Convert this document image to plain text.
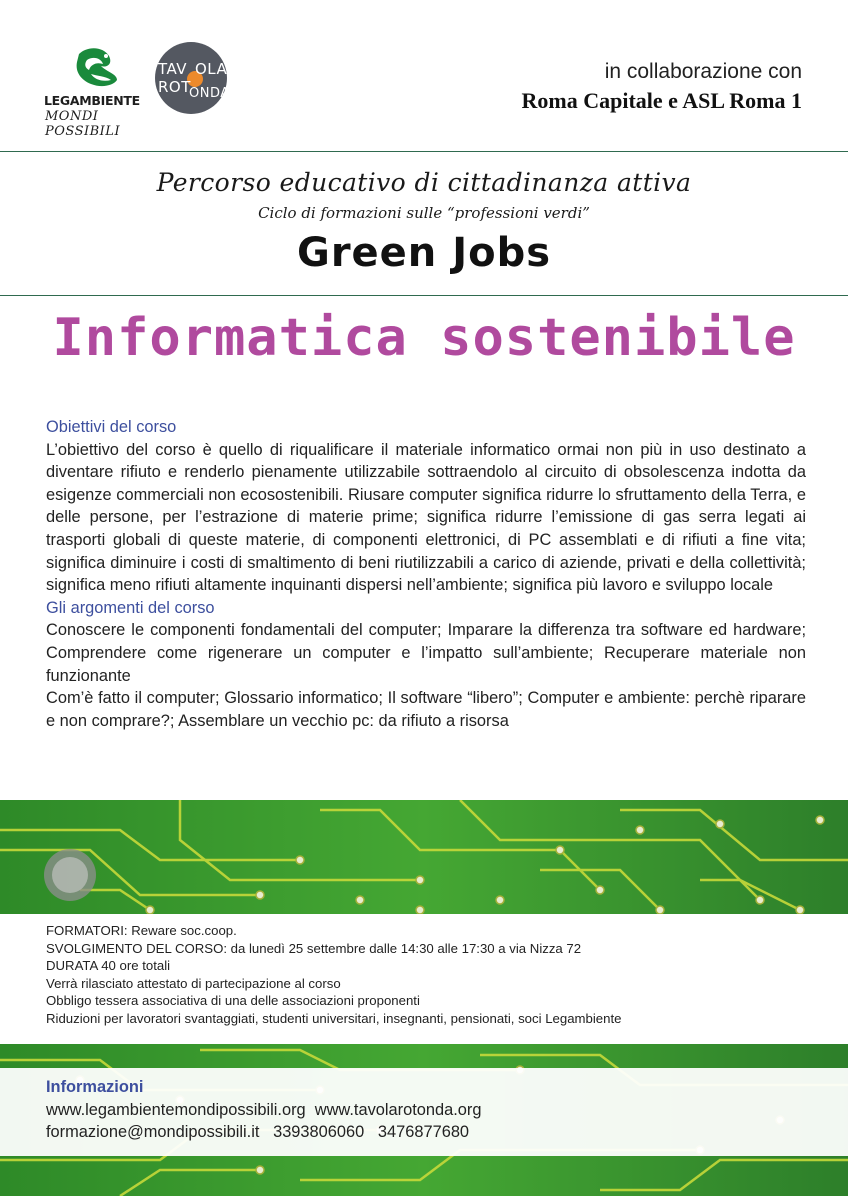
LEGAMBIENTE
MONDI POSSIBILI
TAV OLA
ROT
ONDA
in collaborazione con
Roma Capitale e ASL Roma 1
Percorso educativo di cittadinanza attiva
Ciclo di formazioni sulle “professioni verdi”
Green Jobs
Informatica sostenibile
Obiettivi del corso
L’obiettivo del corso è quello di riqualificare il materiale informatico ormai non più in uso destinato a diventare rifiuto e renderlo pienamente utilizzabile sottraendolo al circuito di obsolescenza indotta da esigenze commerciali non ecosostenibili. Riusare computer significa ridurre lo sfruttamento della Terra, e delle persone, per l’estrazione di materie prime; significa ridurre l’emissione di gas serra legati ai trasporti globali di queste materie, di componenti elettronici, di PC assemblati e di rifiuti a fine vita; significa diminuire i costi di smaltimento di beni riutilizzabili a carico di aziende, privati e della collettività; significa meno rifiuti altamente inquinanti dispersi nell’ambiente; significa più lavoro e sviluppo locale
Gli argomenti del corso
Conoscere le componenti fondamentali del computer; Imparare la differenza tra software ed hardware; Comprendere come rigenerare un computer e l’impatto sull’ambiente; Recuperare materiale non funzionante
Com’è fatto il computer; Glossario informatico; Il software “libero”; Computer e ambiente: perchè riparare e non comprare?; Assemblare un vecchio pc: da rifiuto a risorsa
FORMATORI: Reware soc.coop.
SVOLGIMENTO DEL CORSO: da lunedì 25 settembre dalle 14:30 alle 17:30 a via Nizza 72
DURATA 40 ore totali
Verrà rilasciato attestato di partecipazione al corso
Obbligo tessera associativa di una delle associazioni proponenti
Riduzioni per lavoratori svantaggiati, studenti universitari, insegnanti, pensionati, soci Legambiente
Informazioni
www.legambientemondipossibili.org  www.tavolarotonda.org
formazione@mondipossibili.it   3393806060   3476877680
